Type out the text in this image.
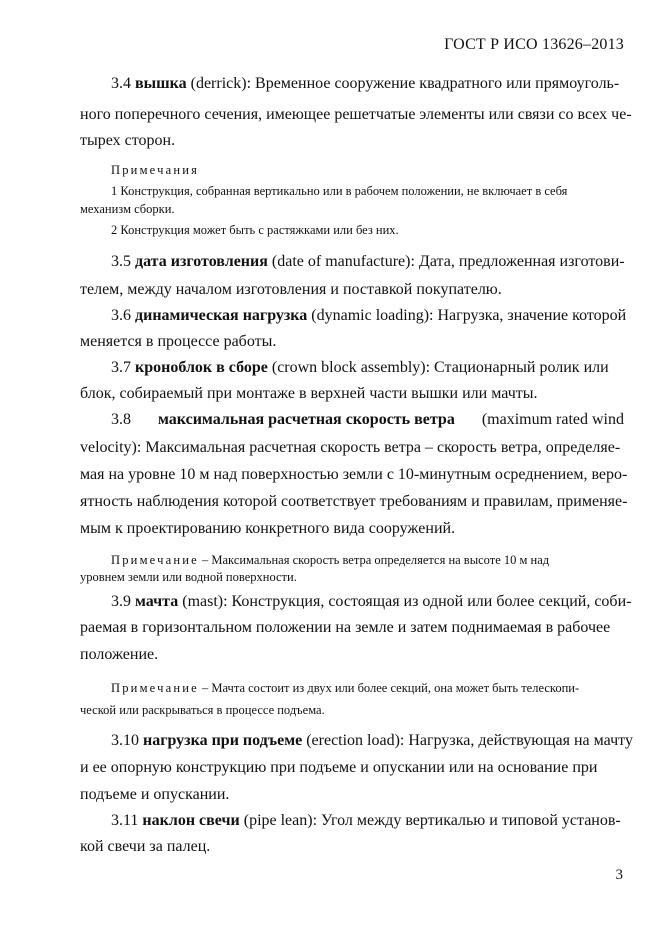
ГОСТ Р ИСО 13626–2013
3.4 вышка (derrick): Временное сооружение квадратного или прямоуголь-
ного поперечного сечения, имеющее решетчатые элементы или связи со всех че-
тырех сторон.
Примечания
1 Конструкция, собранная вертикально или в рабочем положении, не включает в себя
механизм сборки.
2 Конструкция может быть с растяжками или без них.
3.5 дата изготовления (date of manufacture): Дата, предложенная изготови-
телем, между началом изготовления и поставкой покупателю.
3.6 динамическая нагрузка (dynamic loading): Нагрузка, значение которой
меняется в процессе работы.
3.7 кроноблок в сборе (crown block assembly): Стационарный ролик или
блок, собираемый при монтаже в верхней части вышки или мачты.
3.8 максимальная расчетная скорость ветра (maximum rated wind
velocity): Максимальная расчетная скорость ветра – скорость ветра, определяе-
мая на уровне 10 м над поверхностью земли с 10-минутным осреднением, веро-
ятность наблюдения которой соответствует требованиям и правилам, применяе-
мым к проектированию конкретного вида сооружений.
Примечание – Максимальная скорость ветра определяется на высоте 10 м над
уровнем земли или водной поверхности.
3.9 мачта (mast): Конструкция, состоящая из одной или более секций, соби-
раемая в горизонтальном положении на земле и затем поднимаемая в рабочее
положение.
Примечание – Мачта состоит из двух или более секций, она может быть телескопи-
ческой или раскрываться в процессе подъема.
3.10 нагрузка при подъеме (erection load): Нагрузка, действующая на мачту
и ее опорную конструкцию при подъеме и опускании или на основание при
подъеме и опускании.
3.11 наклон свечи (pipe lean): Угол между вертикалью и типовой установ-
кой свечи за палец.
3
